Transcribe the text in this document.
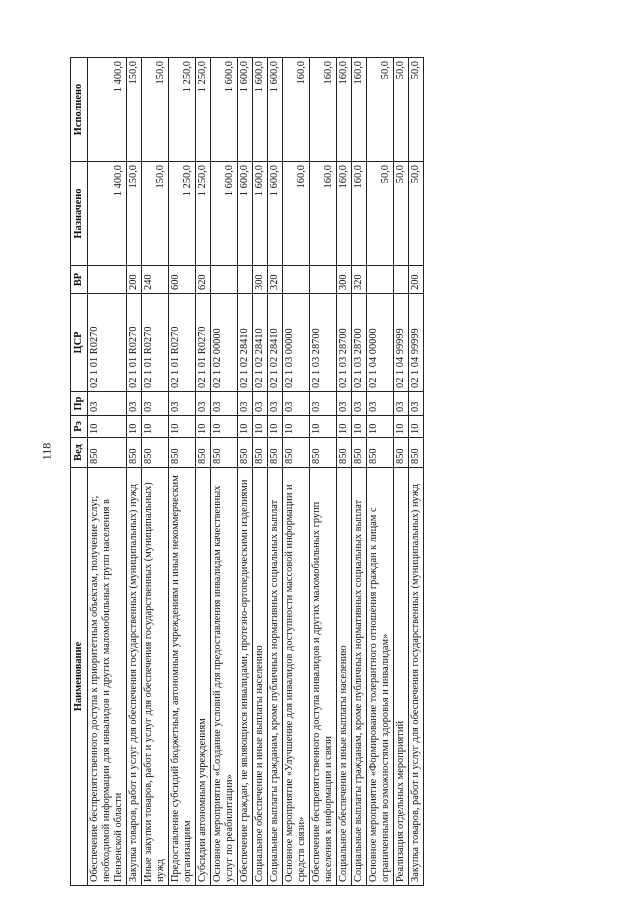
118
Наименование	Вед	Рз	Пр	ЦСР	ВР	Назначено	Исполнено
Обеспечение беспрепятственного доступа к приоритетным объектам, получение услуг, необходимой информации для инвалидов и других маломобильных групп населения в Пензенской области	850	10	03	02 1 01 R0270		1 400,0	1 400,0
Закупка товаров, работ и услуг для обеспечения государственных (муниципальных) нужд	850	10	03	02 1 01 R0270	200	150,0	150,0
Иные закупки товаров, работ и услуг для обеспечения государственных (муниципальных) нужд	850	10	03	02 1 01 R0270	240	150,0	150,0
Предоставление субсидий бюджетным, автономным учреждениям и иным некоммерческим организациям	850	10	03	02 1 01 R0270	600	1 250,0	1 250,0
Субсидии автономным учреждениям	850	10	03	02 1 01 R0270	620	1 250,0	1 250,0
Основное мероприятие «Создание условий для предоставления инвалидам качественных услуг по реабилитации»	850	10	03	02 1 02 00000		1 600,0	1 600,0
Обеспечение граждан, не являющихся инвалидами, протезно-ортопедическими изделиями	850	10	03	02 1 02 28410		1 600,0	1 600,0
Социальное обеспечение и иные выплаты населению	850	10	03	02 1 02 28410	300	1 600,0	1 600,0
Социальные выплаты гражданам, кроме публичных нормативных социальных выплат	850	10	03	02 1 02 28410	320	1 600,0	1 600,0
Основное мероприятие «Улучшение для инвалидов доступности массовой информации и средств связи»	850	10	03	02 1 03 00000		160,0	160,0
Обеспечение беспрепятственного доступа инвалидов и других маломобильных групп населения к информации и связи	850	10	03	02 1 03 28700		160,0	160,0
Социальное обеспечение и иные выплаты населению	850	10	03	02 1 03 28700	300	160,0	160,0
Социальные выплаты гражданам, кроме публичных нормативных социальных выплат	850	10	03	02 1 03 28700	320	160,0	160,0
Основное мероприятие «Формирование толерантного отношения граждан к лицам с ограниченными возможностями здоровья и инвалидам»	850	10	03	02 1 04 00000		50,0	50,0
Реализация отдельных мероприятий	850	10	03	02 1 04 99999		50,0	50,0
Закупка товаров, работ и услуг для обеспечения государственных (муниципальных) нужд	850	10	03	02 1 04 99999	200	50,0	50,0
